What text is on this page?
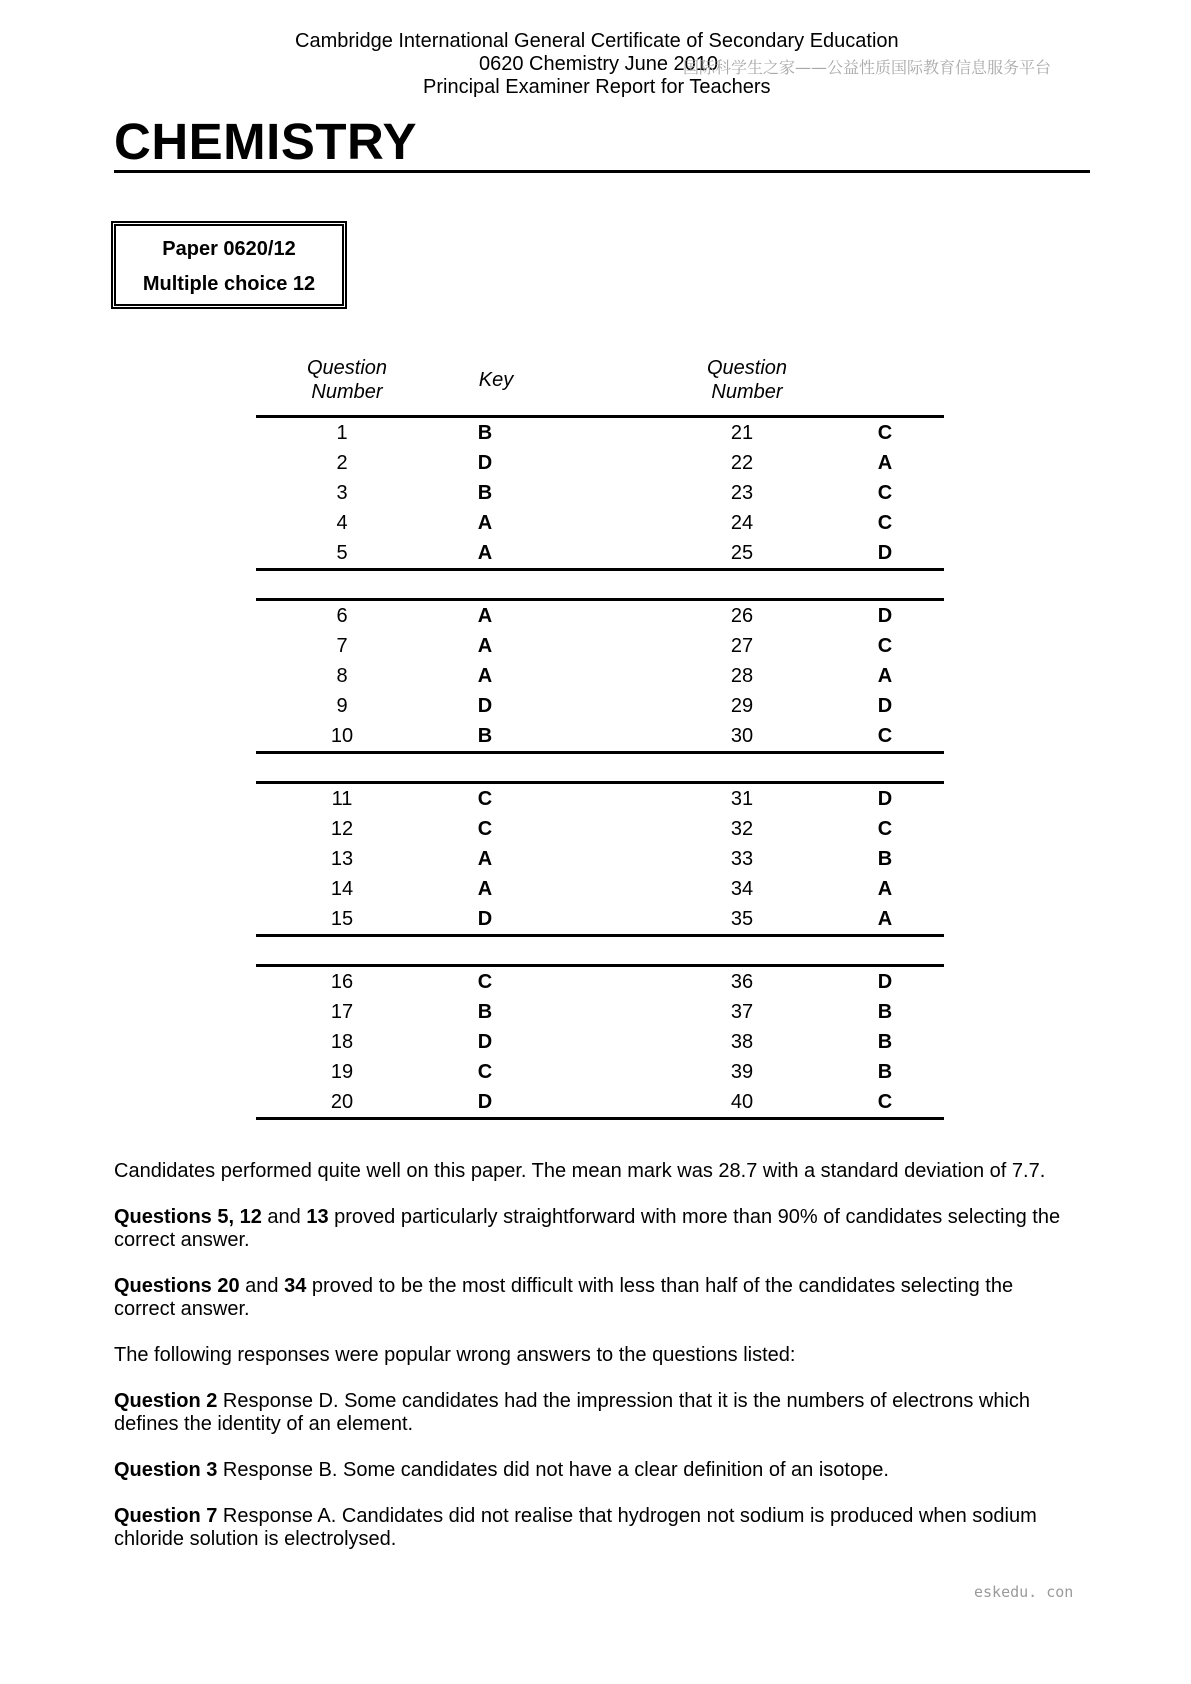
Cambridge International General Certificate of Secondary Education
0620 Chemistry June 2010
国际科学生之家——公益性质国际教育信息服务平台
Principal Examiner Report for Teachers
CHEMISTRY
Paper 0620/12
Multiple choice 12
Question Number
Key
Question Number
1	B	21	C
2	D	22	A
3	B	23	C
4	A	24	C
5	A	25	D
6	A	26	D
7	A	27	C
8	A	28	A
9	D	29	D
10	B	30	C
11	C	31	D
12	C	32	C
13	A	33	B
14	A	34	A
15	D	35	A
16	C	36	D
17	B	37	B
18	D	38	B
19	C	39	B
20	D	40	C
Candidates performed quite well on this paper. The mean mark was 28.7 with a standard deviation of 7.7.
Questions 5, 12 and 13 proved particularly straightforward with more than 90% of candidates selecting the correct answer.
Questions 20 and 34 proved to be the most difficult with less than half of the candidates selecting the correct answer.
The following responses were popular wrong answers to the questions listed:
Question 2 Response D. Some candidates had the impression that it is the numbers of electrons which defines the identity of an element.
Question 3 Response B. Some candidates did not have a clear definition of an isotope.
Question 7 Response A. Candidates did not realise that hydrogen not sodium is produced when sodium chloride solution is electrolysed.
eskedu. con
